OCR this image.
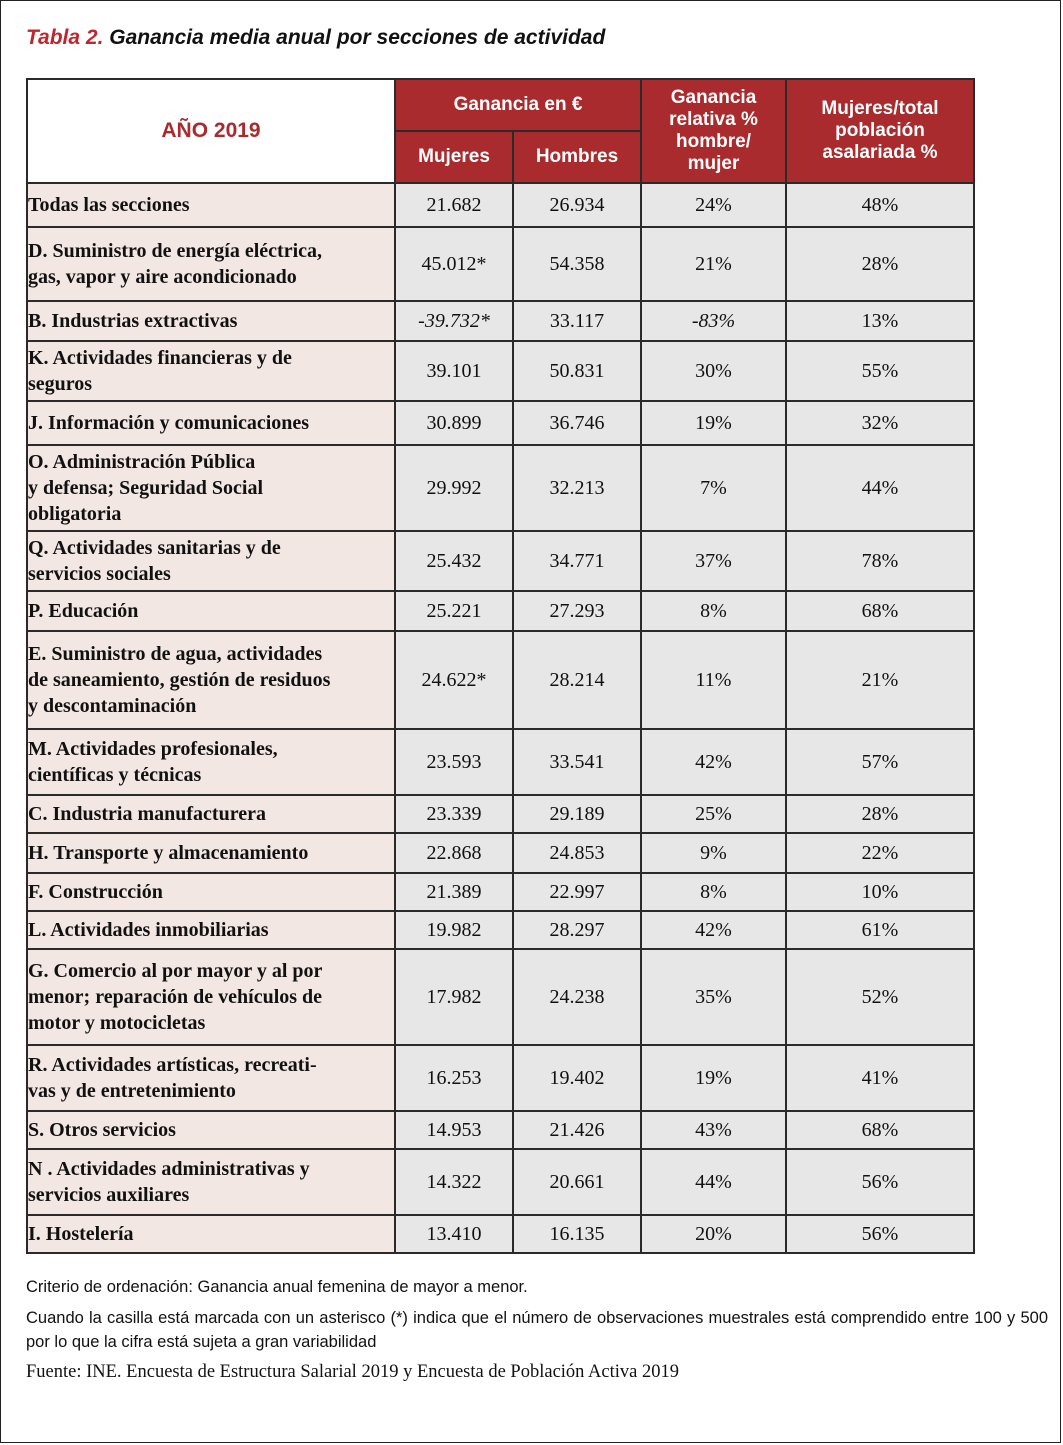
Tabla 2. Ganancia media anual por secciones de actividad
AÑO 2019	Ganancia en €		Ganancia
relativa %
hombre/
mujer	Mujeres/total
población
asalariada %
	Mujeres	Hombres		
Todas las secciones	21.682	26.934	24%	48%
D. Suministro de energía eléctrica,
gas, vapor y aire acondicionado	45.012*	54.358	21%	28%
B. Industrias extractivas	-39.732*	33.117	-83%	13%
K. Actividades financieras y de
seguros	39.101	50.831	30%	55%
J. Información y comunicaciones	30.899	36.746	19%	32%
O. Administración Pública
y defensa; Seguridad Social
obligatoria	29.992	32.213	7%	44%
Q. Actividades sanitarias y de
servicios sociales	25.432	34.771	37%	78%
P. Educación	25.221	27.293	8%	68%
E. Suministro de agua, actividades
de saneamiento, gestión de residuos
y descontaminación	24.622*	28.214	11%	21%
M. Actividades profesionales,
científicas y técnicas	23.593	33.541	42%	57%
C. Industria manufacturera	23.339	29.189	25%	28%
H. Transporte y almacenamiento	22.868	24.853	9%	22%
F. Construcción	21.389	22.997	8%	10%
L. Actividades inmobiliarias	19.982	28.297	42%	61%
G. Comercio al por mayor y al por
menor; reparación de vehículos de
motor y motocicletas	17.982	24.238	35%	52%
R. Actividades artísticas, recreati-
vas y de entretenimiento	16.253	19.402	19%	41%
S. Otros servicios	14.953	21.426	43%	68%
N . Actividades administrativas y
servicios auxiliares	14.322	20.661	44%	56%
I. Hostelería	13.410	16.135	20%	56%
Criterio de ordenación: Ganancia anual femenina de mayor a menor.
Cuando la casilla está marcada con un asterisco (*) indica que el número de observaciones muestrales está comprendido entre 100 y 500 por lo que la cifra está sujeta a gran variabilidad
Fuente: INE. Encuesta de Estructura Salarial 2019 y Encuesta de Población Activa 2019
